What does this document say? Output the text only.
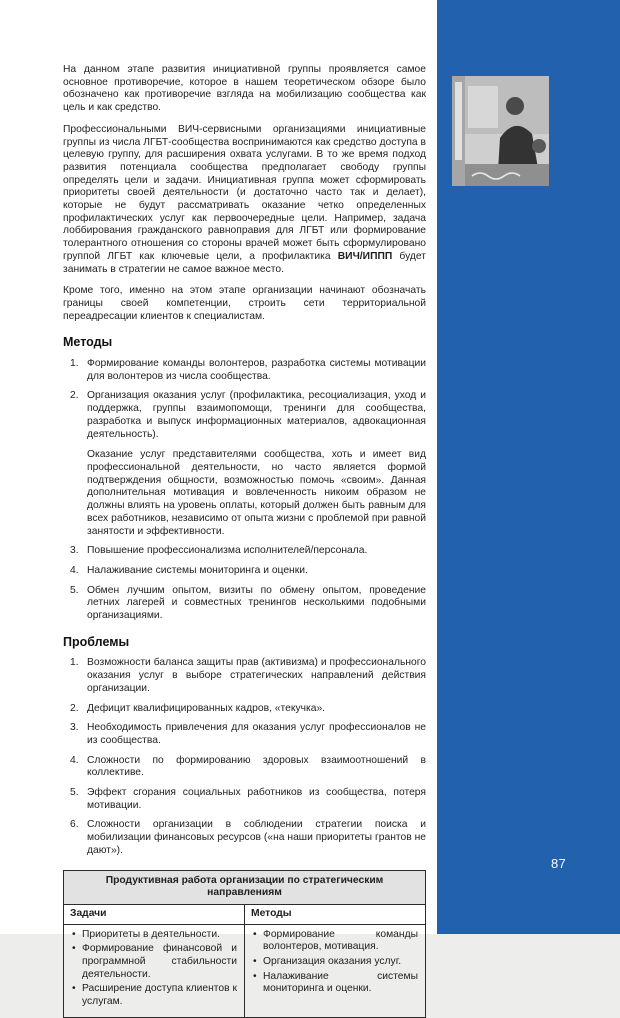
На данном этапе развития инициативной группы проявляется самое основное противоречие, которое в нашем теоретическом обзоре было обозначено как противоречие взгляда на мобилизацию сообщества как цель и как средство.

Профессиональными ВИЧ-сервисными организациями инициативные группы из числа ЛГБТ-сообщества воспринимаются как средство доступа в целевую группу, для расширения охвата услугами. В то же время подход развития потенциала сообщества предполагает свободу группы определять цели и задачи. Инициативная группа может сформировать приоритеты своей деятельности (и достаточно часто так и делает), которые не будут рассматривать оказание четко определенных профилактических услуг как первоочередные цели. Например, задача лоббирования гражданского равноправия для ЛГБТ или формирование толерантного отношения со стороны врачей может быть сформулировано группой ЛГБТ как ключевые цели, а профилактика ВИЧ/ИППП будет занимать в стратегии не самое важное место.

Кроме того, именно на этом этапе организации начинают обозначать границы своей компетенции, строить сети территориальной переадресации клиентов к специалистам.

Методы
1. Формирование команды волонтеров, разработка системы мотивации для волонтеров из числа сообщества.
2. Организация оказания услуг (профилактика, ресоциализация, уход и поддержка, группы взаимопомощи, тренинги для сообщества, разработка и выпуск информационных материалов, адвокационная деятельность).
Оказание услуг представителями сообщества, хоть и имеет вид профессиональной деятельности, но часто является формой подтверждения общности, возможностью помочь «своим». Данная дополнительная мотивация и вовлеченность никоим образом не должны влиять на уровень оплаты, который должен быть равным для всех работников, независимо от опыта жизни с проблемой при равной занятости и эффективности.
3. Повышение профессионализма исполнителей/персонала.
4. Налаживание системы мониторинга и оценки.
5. Обмен лучшим опытом, визиты по обмену опытом, проведение летних лагерей и совместных тренингов несколькими подобными организациями.
Проблемы
1. Возможности баланса защиты прав (активизма) и профессионального оказания услуг в выборе стратегических направлений действия организации.
2. Дефицит квалифицированных кадров, «текучка».
3. Необходимость привлечения для оказания услуг профессионалов не из сообщества.
4. Сложности по формированию здоровых взаимоотношений в коллективе.
5. Эффект сгорания социальных работников из сообщества, потеря мотивации.
6. Сложности организации в соблюдении стратегии поиска и мобилизации финансовых ресурсов («на наши приоритеты грантов не дают»).
Продуктивная работа организации по стратегическим направлениям	
Задачи	Методы

• Приоритеты в деятельности.
• Формирование финансовой и программной стабильности деятельности.
• Расширение доступа клиентов к услугам.

• Формирование команды волонтеров, мотивация.
• Организация оказания услуг.
• Налаживание системы мониторинга и оценки.
87
